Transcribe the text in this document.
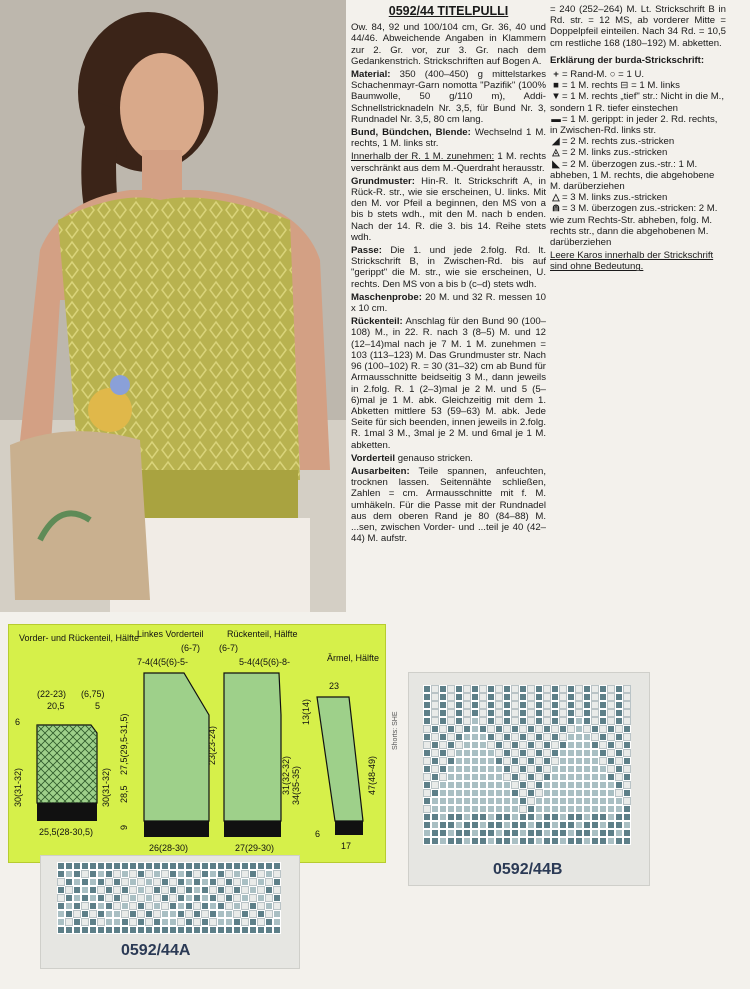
0592/44 TITELPULLI

Ow. 84, 92 und 100/104 cm, Gr. 36, 40 und 44/46. Abweichende Angaben in Klammern zur 2. Gr. vor, zur 3. Gr. nach dem Gedankenstrich. Strickschriften auf Bogen A.

Material: 350 (400–450) g mittelstarkes Schachenmayr-Garn nomotta "Pazifik" (100% Baumwolle, 50 g/110 m), Addi-Schnellstricknadeln Nr. 3,5, für Bund Nr. 3, Rundnadel Nr. 3,5, 80 cm lang.

Bund, Bündchen, Blende: Wechselnd 1 M. rechts, 1 M. links str.

Innerhalb der R. 1 M. zunehmen: 1 M. rechts verschränkt aus dem M.-Querdraht herausstr.

Grundmuster: Hin-R. lt. Strickschrift A, in Rück-R. str., wie sie erscheinen, U. links. Mit den M. vor Pfeil a beginnen, den MS von a bis b stets wdh., mit den M. nach b enden. Nach der 14. R. die 3. bis 14. Reihe stets wdh.

Passe: Die 1. und jede 2.folg. Rd. lt. Strickschrift B, in Zwischen-Rd. bis auf "gerippt" die M. str., wie sie erscheinen, U. rechts. Den MS von a bis b (c–d) stets wdh.

Maschenprobe: 20 M. und 32 R. messen 10 x 10 cm.

Rückenteil: Anschlag für den Bund 90 (100–108) M., in 22. R. nach 3 (8–5) M. und 12 (12–14)mal nach je 7 M. 1 M. zunehmen = 103 (113–123) M. Das Grundmuster str. Nach 96 (100–102) R. = 30 (31–32) cm ab Bund für Armausschnitte beidseitig 3 M., dann jeweils in 2.folg. R. 1 (2–3)mal je 2 M. und 5 (5–6)mal je 1 M. abk. Gleichzeitig mit dem 1. Abketten mittlere 53 (59–63) M. abk. Jede Seite für sich beenden, innen jeweils in 2.folg. R. 1mal 3 M., 3mal je 2 M. und 6mal je 1 M. abketten.

Vorderteil genauso stricken.

Ausarbeiten: Teile spannen, anfeuchten, trocknen lassen. Seitennähte schließen, Zahlen = cm. Armausschnitte mit f. M. umhäkeln. Für die Passe mit der Rundnadel aus dem oberen Rand je 80 (84–88) M. ...sen, zwischen Vorder- und ...teil je 40 (42–44) M. aufstr.

= 240 (252–264) M. Lt. Strickschrift B in Rd. str. = 12 MS, ab vorderer Mitte = Doppelpfeil einteilen. Nach 34 Rd. = 10,5 cm restliche 168 (180–192) M. abketten.
Erklärung der burda-Strickschrift:
+ = Rand-M. ○ = 1 U.
■ = 1 M. rechts ⊟ = 1 M. links
▼= 1 M. rechts „tief" str.: Nicht in die M., sondern 1 R. tiefer einstechen
▬= 1 M. gerippt: in jeder 2. Rd. rechts, in Zwischen-Rd. links str.
◢ = 2 M. rechts zus.-stricken
◬ = 2 M. links zus.-stricken
◣ = 2 M. überzogen zus.-str.: 1 M. abheben, 1 M. rechts, die abgehobene M. darüberziehen
△ = 3 M. links zus.-stricken
⋒ = 3 M. überzogen zus.-stricken: 2 M. wie zum Rechts-Str. abheben, folg. M. rechts str., dann die abgehobenen M. darüberziehen
Leere Karos innerhalb der Strickschrift sind ohne Bedeutung.
Vorder- und Rückenteil, Hälfte
(22-23) (6,75)
20,5	5
6
30(31-32)	30(31-32)
25,5(28-30,5)
Linkes Vorderteil
(6-7)
7-4(4(5(6)-5-
27,5(29,5-31,5)
28,5
9
26(28-30)
23(23-24)
Rückenteil, Hälfte
(6-7)
5-4(4(5(6)-8-
27(29-30)
31(32-32) 34(35-35)
13(14)
Ärmel, Hälfte
23
47(48-49)
6
17
0592/44B
Shorts: SHE
0592/44A
